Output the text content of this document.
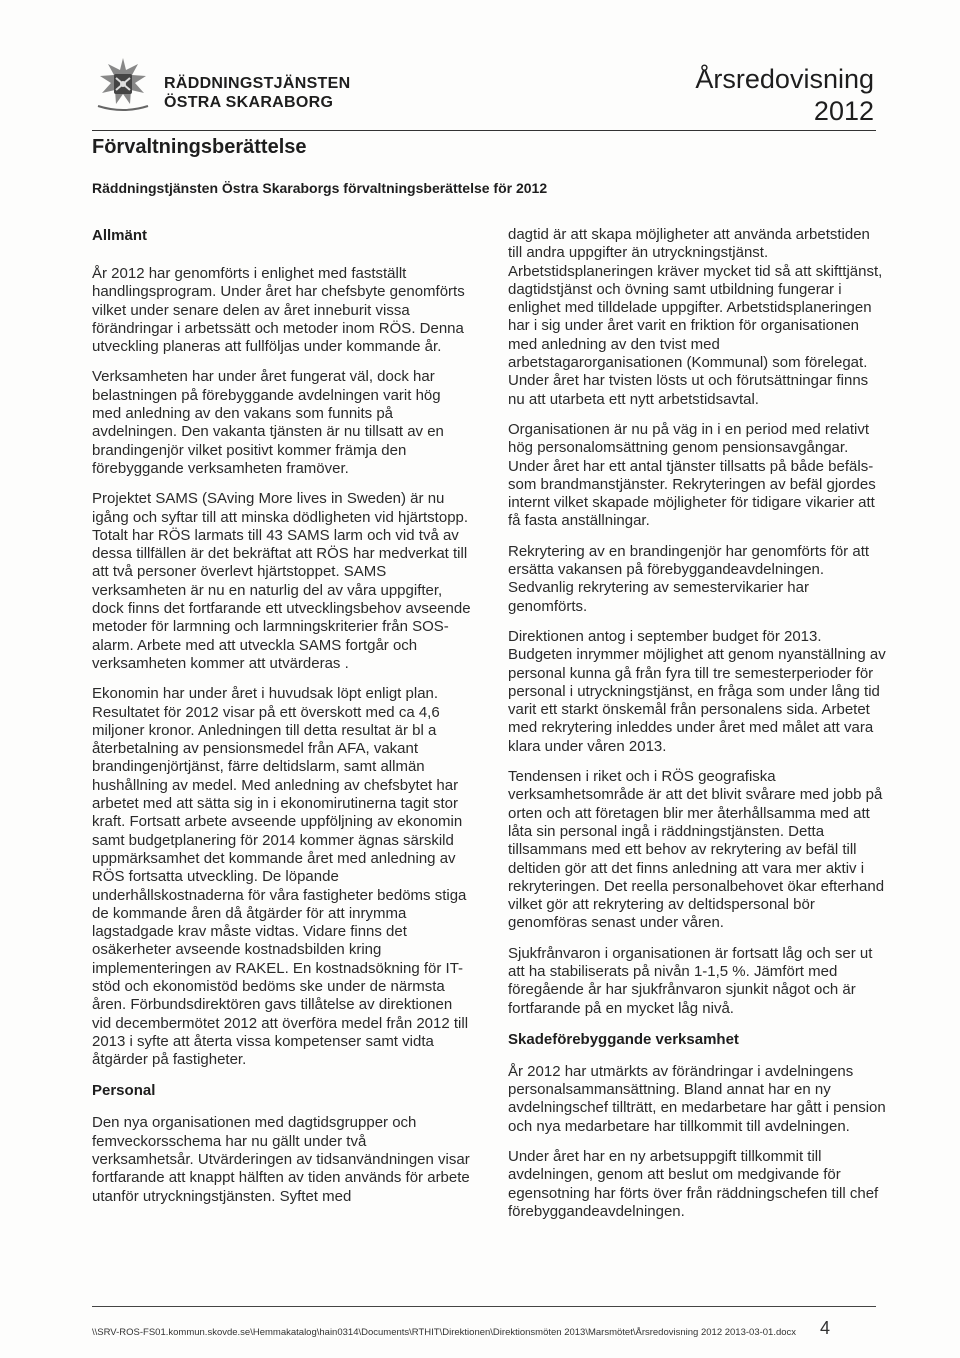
RÄDDNINGSTJÄNSTEN
ÖSTRA SKARABORG
Årsredovisning
2012
Förvaltningsberättelse
Räddningstjänsten Östra Skaraborgs förvaltningsberättelse för 2012
Allmänt

År 2012 har genomförts i enlighet med fastställt handlingsprogram. Under året har chefsbyte genomförts vilket under senare delen av året inneburit vissa förändringar i arbetssätt och metoder inom RÖS. Denna utveckling planeras att fullföljas under kommande år.

Verksamheten har under året fungerat väl, dock har belastningen på förebyggande avdelningen varit hög med anledning av den vakans som funnits på avdelningen. Den vakanta tjänsten är nu tillsatt av en brandingenjör vilket positivt kommer främja den förebyggande verksamheten framöver.

Projektet SAMS (SAving More lives in Sweden) är nu igång och syftar till att minska dödligheten vid hjärtstopp. Totalt har RÖS larmats till 43 SAMS larm och vid två av dessa tillfällen är det bekräftat att RÖS har medverkat till att två personer överlevt hjärtstoppet. SAMS verksamheten är nu en naturlig del av våra uppgifter, dock finns det fortfarande ett utvecklingsbehov avseende metoder för larmning och larmningskriterier från SOS-alarm. Arbete med att utveckla SAMS fortgår och verksamheten kommer att utvärderas .

Ekonomin har under året i huvudsak löpt enligt plan. Resultatet för 2012 visar på ett överskott med ca 4,6 miljoner kronor. Anledningen till detta resultat är bl a återbetalning av pensionsmedel från AFA, vakant brandingenjörtjänst, färre deltidslarm, samt allmän hushållning av medel. Med anledning av chefsbytet har arbetet med att sätta sig in i ekonomirutinerna tagit stor kraft. Fortsatt arbete avseende uppföljning av ekonomin samt budgetplanering för 2014 kommer ägnas särskild uppmärksamhet det kommande året med anledning av RÖS fortsatta utveckling. De löpande underhållskostnaderna för våra fastigheter bedöms stiga de kommande åren då åtgärder för att inrymma lagstadgade krav måste vidtas. Vidare finns det osäkerheter avseende kostnadsbilden kring implementeringen av RAKEL. En kostnadsökning för IT-stöd och ekonomistöd bedöms ske under de närmsta åren. Förbundsdirektören gavs tillåtelse av direktionen vid decembermötet 2012 att överföra medel från 2012 till 2013 i syfte att återta vissa kompetenser samt vidta åtgärder på fastigheter.

Personal

Den nya organisationen med dagtidsgrupper och femveckorsschema har nu gällt under två verksamhetsår. Utvärderingen av tidsanvändningen visar fortfarande att knappt hälften av tiden används för arbete utanför utryckningstjänsten. Syftet med

dagtid är att skapa möjligheter att använda arbetstiden till andra uppgifter än utryckningstjänst. Arbetstidsplaneringen kräver mycket tid så att skifttjänst, dagtidstjänst och övning samt utbildning fungerar i enlighet med tilldelade uppgifter. Arbetstidsplaneringen har i sig under året varit en friktion för organisationen med anledning av den tvist med arbetstagarorganisationen (Kommunal) som förelegat. Under året har tvisten lösts ut och förutsättningar finns nu att utarbeta ett nytt arbetstidsavtal.

Organisationen är nu på väg in i en period med relativt hög personalomsättning genom pensionsavgångar. Under året har ett antal tjänster tillsatts på både befäls- som brandmanstjänster. Rekryteringen av befäl gjordes internt vilket skapade möjligheter för tidigare vikarier att få fasta anställningar.

Rekrytering av en brandingenjör har genomförts för att ersätta vakansen på förebyggandeavdelningen. Sedvanlig rekrytering av semestervikarier har genomförts.

Direktionen antog i september budget för 2013. Budgeten inrymmer möjlighet att genom nyanställning av personal kunna gå från fyra till tre semesterperioder för personal i utryckningstjänst, en fråga som under lång tid varit ett starkt önskemål från personalens sida. Arbetet med rekrytering inleddes under året med målet att vara klara under våren 2013.

Tendensen i riket och i RÖS geografiska verksamhetsområde är att det blivit svårare med jobb på orten och att företagen blir mer återhållsamma med att låta sin personal ingå i räddningstjänsten. Detta tillsammans med ett behov av rekrytering av befäl till deltiden gör att det finns anledning att vara mer aktiv i rekryteringen. Det reella personalbehovet ökar efterhand vilket gör att rekrytering av deltidspersonal bör genomföras senast under våren.

Sjukfrånvaron i organisationen är fortsatt låg och ser ut att ha stabiliserats på nivån 1-1,5 %. Jämfört med föregående år har sjukfrånvaron sjunkit något och är fortfarande på en mycket låg nivå.

Skadeförebyggande verksamhet

År 2012 har utmärkts av förändringar i avdelningens personalsammansättning. Bland annat har en ny avdelningschef tillträtt, en medarbetare har gått i pension och nya medarbetare har tillkommit till avdelningen.

Under året har en ny arbetsuppgift tillkommit till avdelningen, genom att beslut om medgivande för egensotning har förts över från räddningschefen till chef förebyggandeavdelningen.

\\SRV-ROS-FS01.kommun.skovde.se\Hemmakatalog\hain0314\Documents\RTHIT\Direktionen\Direktionsmöten 2013\Marsmötet\Årsredovisning 2012 2013-03-01.docx 4
